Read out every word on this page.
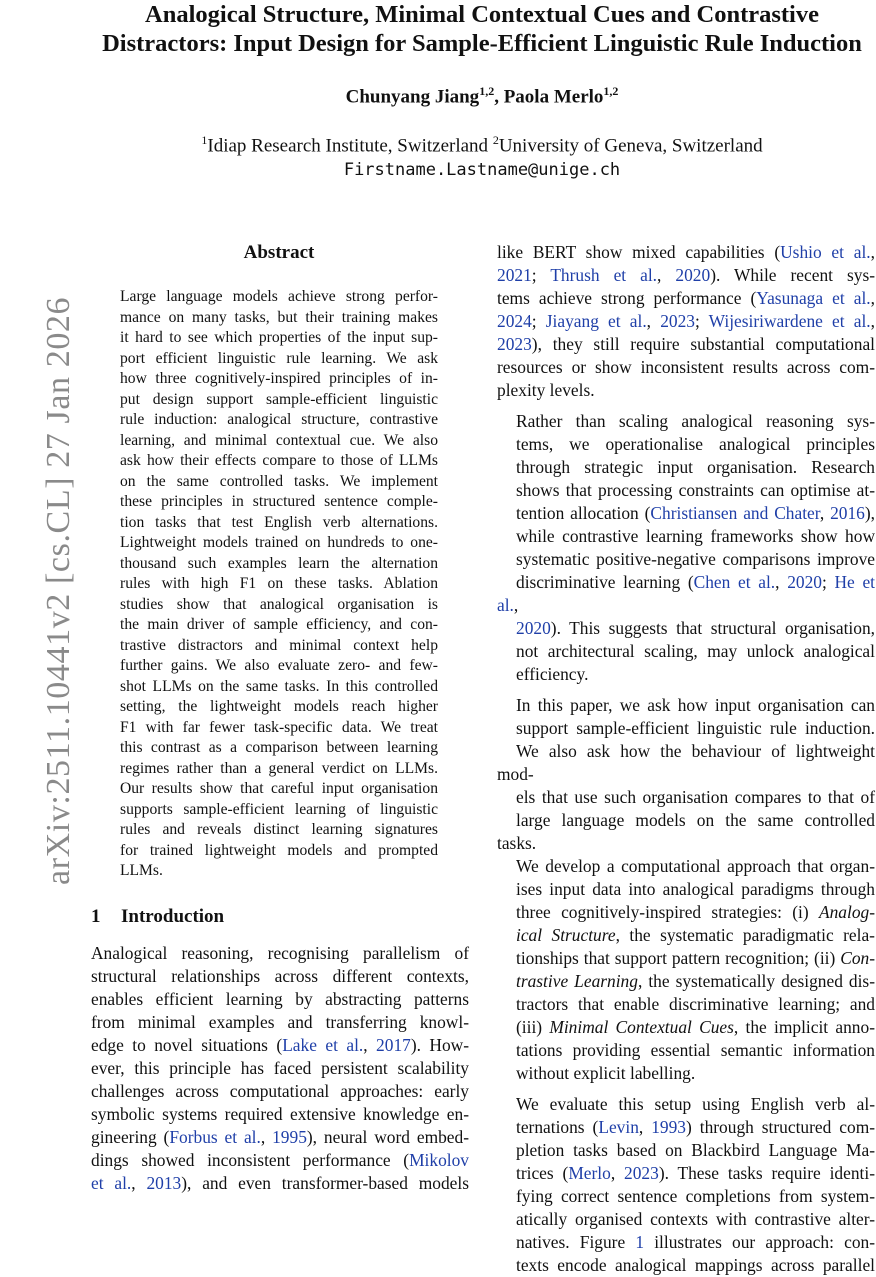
arXiv:2511.10441v2 [cs.CL] 27 Jan 2026
Analogical Structure, Minimal Contextual Cues and Contrastive
Distractors: Input Design for Sample-Efficient Linguistic Rule Induction
Chunyang Jiang$^{1,2}$, Paola Merlo$^{1,2}$
$^1$Idiap Research Institute, Switzerland $^2$University of Geneva, Switzerland
Firstname.Lastname@unige.ch
Abstract
Large language models achieve strong perfor-
mance on many tasks, but their training makes
it hard to see which properties of the input sup-
port efficient linguistic rule learning. We ask
how three cognitively-inspired principles of in-
put design support sample-efficient linguistic
rule induction: analogical structure, contrastive
learning, and minimal contextual cue. We also
ask how their effects compare to those of LLMs
on the same controlled tasks. We implement
these principles in structured sentence comple-
tion tasks that test English verb alternations.
Lightweight models trained on hundreds to one-
thousand such examples learn the alternation
rules with high F1 on these tasks. Ablation
studies show that analogical organisation is
the main driver of sample efficiency, and con-
trastive distractors and minimal context help
further gains. We also evaluate zero- and few-
shot LLMs on the same tasks. In this controlled
setting, the lightweight models reach higher
F1 with far fewer task-specific data. We treat
this contrast as a comparison between learning
regimes rather than a general verdict on LLMs.
Our results show that careful input organisation
supports sample-efficient learning of linguistic
rules and reveals distinct learning signatures
for trained lightweight models and prompted
LLMs.
1 Introduction
Analogical reasoning, recognising parallelism of
structural relationships across different contexts,
enables efficient learning by abstracting patterns
from minimal examples and transferring knowl-
edge to novel situations (Lake et al., 2017). How-
ever, this principle has faced persistent scalability
challenges across computational approaches: early
symbolic systems required extensive knowledge en-
gineering (Forbus et al., 1995), neural word embed-
dings showed inconsistent performance (Mikolov
et al., 2013), and even transformer-based models

like BERT show mixed capabilities (Ushio et al.,
2021; Thrush et al., 2020). While recent sys-
tems achieve strong performance (Yasunaga et al.,
2024; Jiayang et al., 2023; Wijesiriwardene et al.,
2023), they still require substantial computational
resources or show inconsistent results across com-
plexity levels.

Rather than scaling analogical reasoning sys-
tems, we operationalise analogical principles
through strategic input organisation. Research
shows that processing constraints can optimise at-
tention allocation (Christiansen and Chater, 2016),
while contrastive learning frameworks show how
systematic positive-negative comparisons improve
discriminative learning (Chen et al., 2020; He et al.,
2020). This suggests that structural organisation,
not architectural scaling, may unlock analogical
efficiency.

In this paper, we ask how input organisation can
support sample-efficient linguistic rule induction.
We also ask how the behaviour of lightweight mod-
els that use such organisation compares to that of
large language models on the same controlled tasks.
We develop a computational approach that organ-
ises input data into analogical paradigms through
three cognitively-inspired strategies: (i) Analog-
ical Structure, the systematic paradigmatic rela-
tionships that support pattern recognition; (ii) Con-
trastive Learning, the systematically designed dis-
tractors that enable discriminative learning; and
(iii) Minimal Contextual Cues, the implicit anno-
tations providing essential semantic information
without explicit labelling.

We evaluate this setup using English verb al-
ternations (Levin, 1993) through structured com-
pletion tasks based on Blackbird Language Ma-
trices (Merlo, 2023). These tasks require identi-
fying correct sentence completions from system-
atically organised contexts with contrastive alter-
natives. Figure 1 illustrates our approach: con-
texts encode analogical mappings across parallel
